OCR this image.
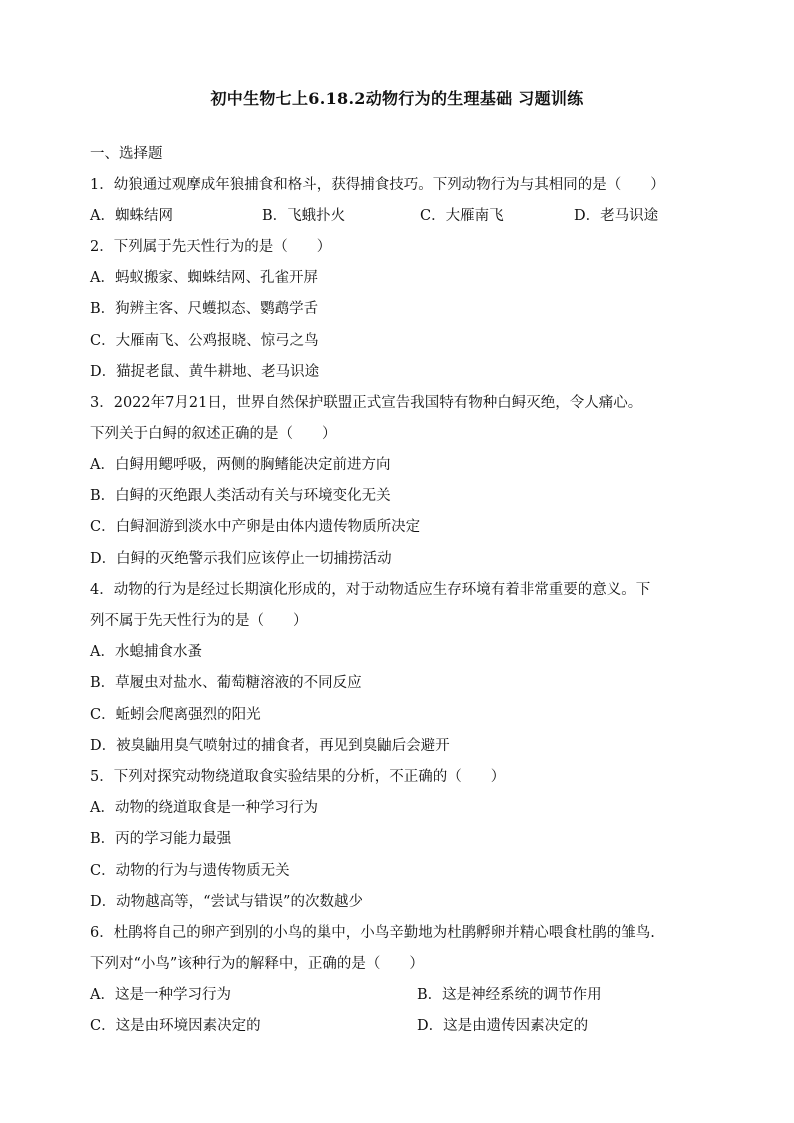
初中生物七上6.18.2动物行为的生理基础 习题训练
一、选择题
1．幼狼通过观摩成年狼捕食和格斗，获得捕食技巧。下列动物行为与其相同的是（　　）
A．蜘蛛结网	B．飞蛾扑火	C．大雁南飞	D．老马识途
2．下列属于先天性行为的是（　　）
A．蚂蚁搬家、蜘蛛结网、孔雀开屏
B．狗辨主客、尺蠖拟态、鹦鹉学舌
C．大雁南飞、公鸡报晓、惊弓之鸟
D．猫捉老鼠、黄牛耕地、老马识途
3．2022年7月21日，世界自然保护联盟正式宣告我国特有物种白鲟灭绝，令人痛心。
下列关于白鲟的叙述正确的是（　　）
A．白鲟用鳃呼吸，两侧的胸鳍能决定前进方向
B．白鲟的灭绝跟人类活动有关与环境变化无关
C．白鲟洄游到淡水中产卵是由体内遗传物质所决定
D．白鲟的灭绝警示我们应该停止一切捕捞活动
4．动物的行为是经过长期演化形成的，对于动物适应生存环境有着非常重要的意义。下
列不属于先天性行为的是（　　）
A．水螅捕食水蚤
B．草履虫对盐水、葡萄糖溶液的不同反应
C．蚯蚓会爬离强烈的阳光
D．被臭鼬用臭气喷射过的捕食者，再见到臭鼬后会避开
5．下列对探究动物绕道取食实验结果的分析，不正确的（　　）
A．动物的绕道取食是一种学习行为
B．丙的学习能力最强
C．动物的行为与遗传物质无关
D．动物越高等，“尝试与错误”的次数越少
6．杜鹃将自己的卵产到别的小鸟的巢中，小鸟辛勤地为杜鹃孵卵并精心喂食杜鹃的雏鸟.
下列对“小鸟”该种行为的解释中，正确的是（　　）
A．这是一种学习行为	B．这是神经系统的调节作用
C．这是由环境因素决定的	D．这是由遗传因素决定的
